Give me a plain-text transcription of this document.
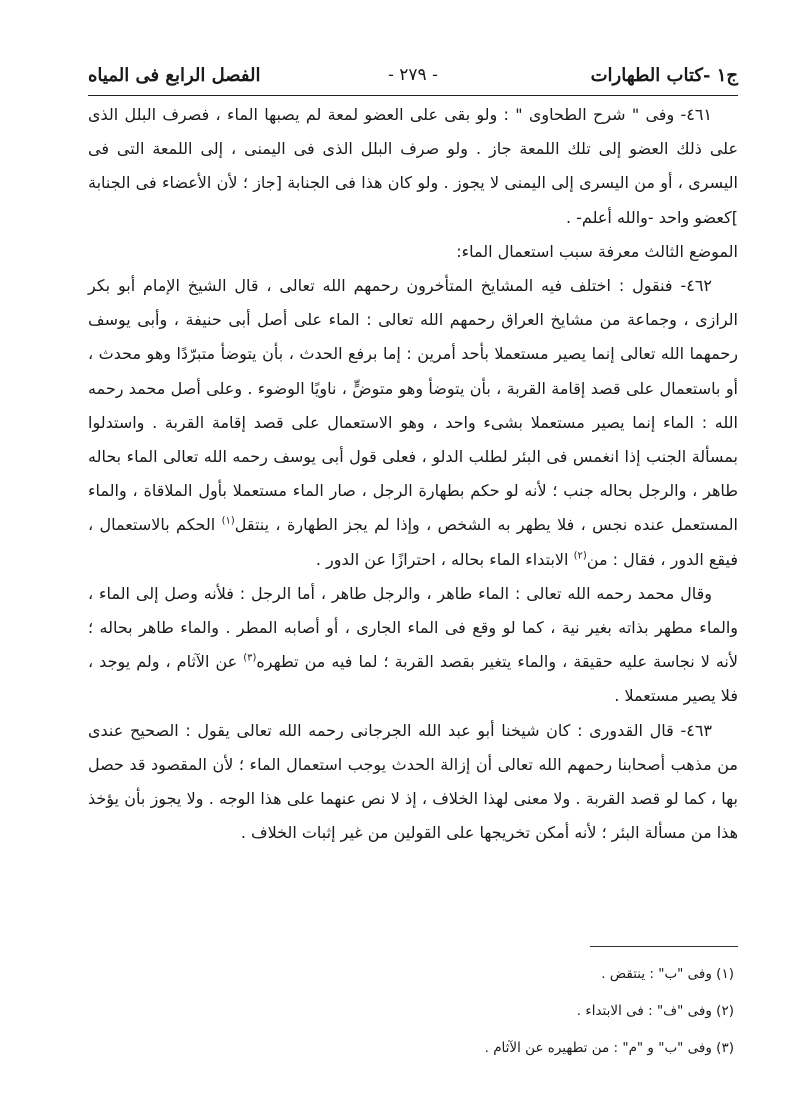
ج١ -كتاب الطهارات
- ٢٧٩ -
الفصل الرابع فى المياه

٤٦١- وفى " شرح الطحاوى " : ولو بقى على العضو لمعة لم يصبها الماء ، فصرف البلل الذى على ذلك العضو إلى تلك اللمعة جاز . ولو صرف البلل الذى فى اليمنى ، إلى اللمعة التى فى اليسرى ، أو من اليسرى إلى اليمنى لا يجوز . ولو كان هذا فى الجنابة [جاز ؛ لأن الأعضاء فى الجنابة ]كعضو واحد -والله أعلم- .

الموضع الثالث معرفة سبب استعمال الماء:

٤٦٢- فنقول : اختلف فيه المشايخ المتأخرون رحمهم الله تعالى ، قال الشيخ الإمام أبو بكر الرازى ، وجماعة من مشايخ العراق رحمهم الله تعالى : الماء على أصل أبى حنيفة ، وأبى يوسف رحمهما الله تعالى إنما يصير مستعملا بأحد أمرين : إما برفع الحدث ، بأن يتوضأ متبرّدًا وهو محدث ، أو باستعمال على قصد إقامة القربة ، بأن يتوضأ وهو متوضٍّ ، ناويًا الوضوء . وعلى أصل محمد رحمه الله : الماء إنما يصير مستعملا بشىء واحد ، وهو الاستعمال على قصد إقامة القربة . واستدلوا بمسألة الجنب إذا انغمس فى البئر لطلب الدلو ، فعلى قول أبى يوسف رحمه الله تعالى الماء بحاله طاهر ، والرجل بحاله جنب ؛ لأنه لو حكم بطهارة الرجل ، صار الماء مستعملا بأول الملاقاة ، والماء المستعمل عنده نجس ، فلا يطهر به الشخص ، وإذا لم يجز الطهارة ، ينتقل$^{(١)}$ الحكم بالاستعمال ، فيقع الدور ، فقال : من$^{(٢)}$ الابتداء الماء بحاله ، احترازًا عن الدور .

وقال محمد رحمه الله تعالى : الماء طاهر ، والرجل طاهر ، أما الرجل : فلأنه وصل إلى الماء ، والماء مطهر بذاته بغير نية ، كما لو وقع فى الماء الجارى ، أو أصابه المطر . والماء طاهر بحاله ؛ لأنه لا نجاسة عليه حقيقة ، والماء يتغير بقصد القربة ؛ لما فيه من تطهره$^{(٣)}$ عن الآثام ، ولم يوجد ، فلا يصير مستعملا .

٤٦٣- قال القدورى : كان شيخنا أبو عبد الله الجرجانى رحمه الله تعالى يقول : الصحيح عندى من مذهب أصحابنا رحمهم الله تعالى أن إزالة الحدث يوجب استعمال الماء ؛ لأن المقصود قد حصل بها ، كما لو قصد القربة . ولا معنى لهذا الخلاف ، إذ لا نص عنهما على هذا الوجه . ولا يجوز بأن يؤخذ هذا من مسألة البئر ؛ لأنه أمكن تخريجها على القولين من غير إثبات الخلاف .

(١) وفى "ب" : ينتقض .

(٢) وفى "ف" : فى الابتداء .

(٣) وفى "ب" و "م" : من تطهيره عن الآثام .
